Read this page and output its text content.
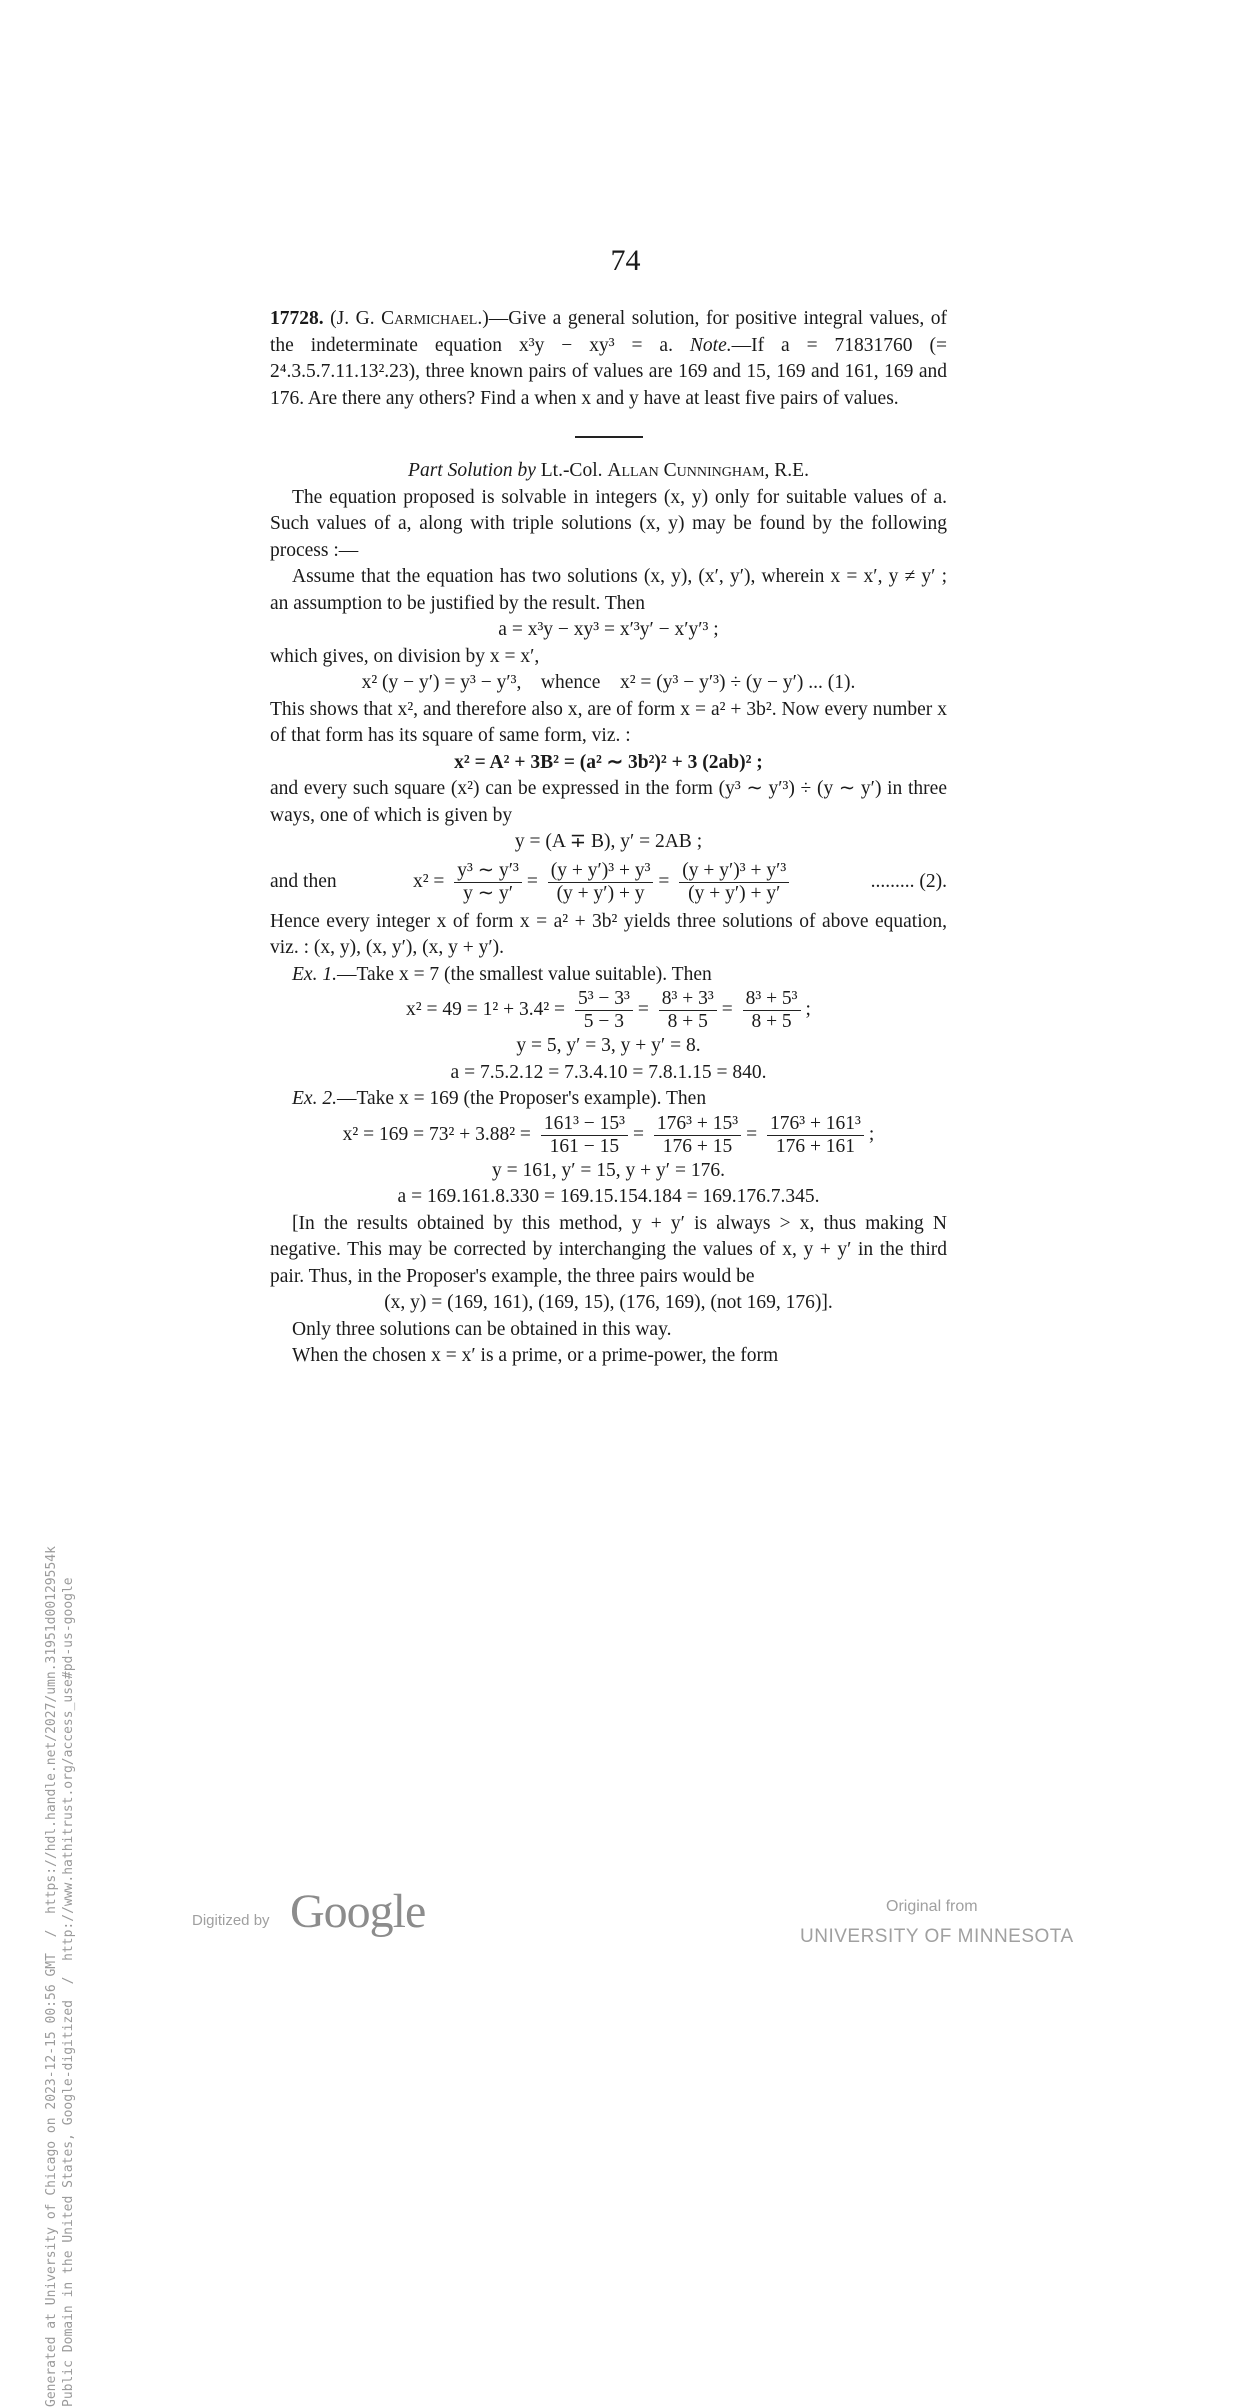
74

17728. (J. G. Carmichael.)—Give a general solution, for positive integral values, of the indeterminate equation x³y − xy³ = a. Note.—If a = 71831760 (= 2⁴.3.5.7.11.13².23), three known pairs of values are 169 and 15, 169 and 161, 169 and 176. Are there any others? Find a when x and y have at least five pairs of values.

Part Solution by Lt.-Col. Allan Cunningham, R.E.

The equation proposed is solvable in integers (x, y) only for suitable values of a. Such values of a, along with triple solutions (x, y) may be found by the following process :—

Assume that the equation has two solutions (x, y), (x′, y′), wherein x = x′, y ≠ y′ ; an assumption to be justified by the result. Then

a = x³y − xy³ = x′³y′ − x′y′³ ;

which gives, on division by x = x′,

x² (y − y′) = y³ − y′³, whence x² = (y³ − y′³) ÷ (y − y′) ... (1).

This shows that x², and therefore also x, are of form x = a² + 3b². Now every number x of that form has its square of same form, viz. :

x² = A² + 3B² = (a² ∼ 3b²)² + 3 (2ab)² ;

and every such square (x²) can be expressed in the form (y³ ∼ y′³) ÷ (y ∼ y′) in three ways, one of which is given by

y = (A ∓ B), y′ = 2AB ;

and then	$x^2 = \frac{\text{y³ ∼ y′³}}{y \sim y'} = \frac{\text{(y + y′)³ + y³}}{(y + y') + y} = \frac{\text{(y + y′)³ + y′³}}{(y + y') + y'}$	......... (2).

Hence every integer x of form x = a² + 3b² yields three solutions of above equation, viz. : (x, y), (x, y′), (x, y + y′).

Ex. 1.—Take x = 7 (the smallest value suitable). Then

$x^2 = 49 = 1^2 + 3.4^2 = \frac{\text{5³ − 3³}}{5 - 3} = \frac{\text{8³ + 3³}}{8 + 5} = \frac{\text{8³ + 5³}}{8 + 5}$ ;

y = 5, y′ = 3, y + y′ = 8.

a = 7.5.2.12 = 7.3.4.10 = 7.8.1.15 = 840.

Ex. 2.—Take x = 169 (the Proposer's example). Then

$x^2 = 169 = 73^2 + 3.88^2 = \frac{\text{161³ − 15³}}{161 - 15} = \frac{\text{176³ + 15³}}{176 + 15} = \frac{\text{176³ + 161³}}{176 + 161}$ ;

y = 161, y′ = 15, y + y′ = 176.

a = 169.161.8.330 = 169.15.154.184 = 169.176.7.345.

[In the results obtained by this method, y + y′ is always > x, thus making N negative. This may be corrected by interchanging the values of x, y + y′ in the third pair. Thus, in the Proposer's example, the three pairs would be

(x, y) = (169, 161), (169, 15), (176, 169), (not 169, 176)].

Only three solutions can be obtained in this way.

When the chosen x = x′ is a prime, or a prime-power, the form

Generated at University of Chicago on 2023-12-15 00:56 GMT  /  https://hdl.handle.net/2027/umn.31951d00129554k Public Domain in the United States, Google-digitized  /  http://www.hathitrust.org/access_use#pd-us-google	Digitized by Google	Original from
UNIVERSITY OF MINNESOTA
